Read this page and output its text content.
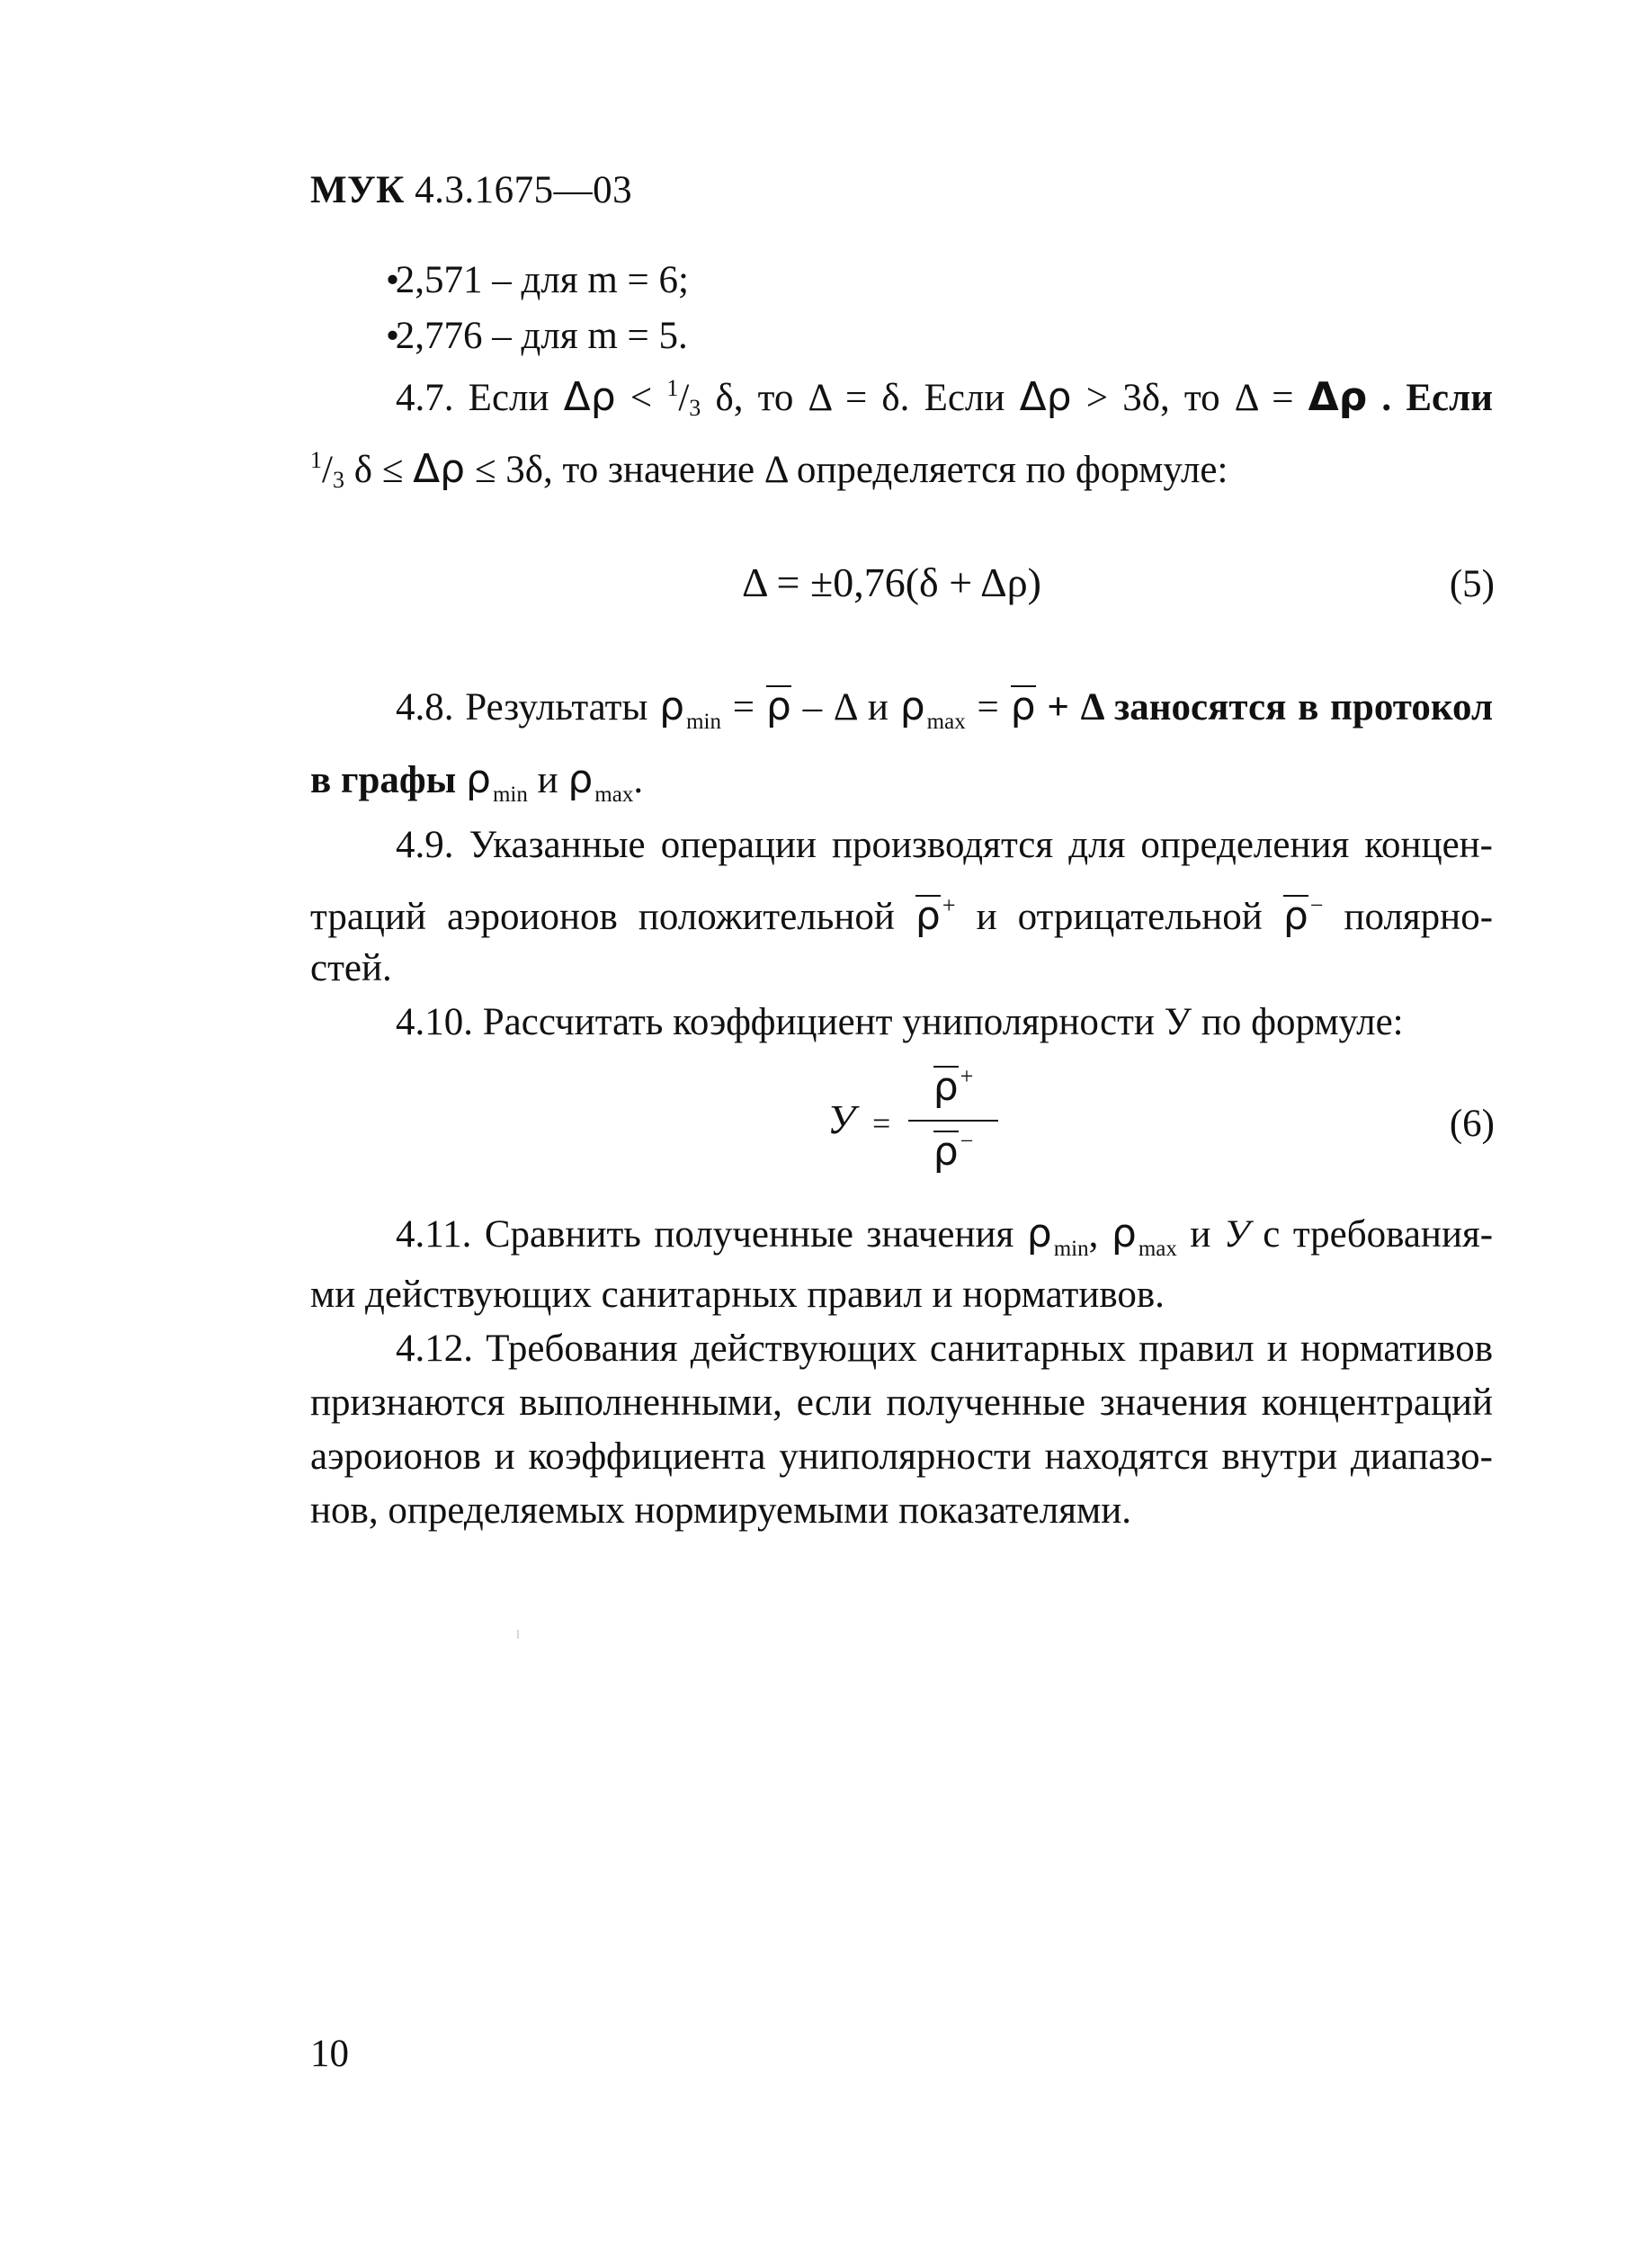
МУК 4.3.1675—03
• 2,571 – для m = 6;
• 2,776 – для m = 5.
4.7. Если Δρ < $^1$/3 δ, то Δ = δ. Если Δρ > 3δ, то Δ = Δρ . Если
$^1$/3 δ ≤ Δρ ≤ 3δ, то значение Δ определяется по формуле:
Δ = ±0,76(δ + Δρ)	(5)
4.8. Результаты $\rho_{min} = \rho - \Delta$ и $\rho_{max} = \rho + \Delta$ заносятся в протокол
в графы $\rho_{min}$ и $\rho_{max}$.
4.9. Указанные операции производятся для определения концен-
траций аэроионов положительной ρ+ и отрицательной ρ− полярно-
стей.
4.10. Рассчитать коэффициент униполярности У по формуле:
У =
ρ+
ρ−	(6)
4.11. Сравнить полученные значения $\rho_{min}$, $\rho_{max}$ и У с требования-
ми действующих санитарных правил и нормативов.
4.12. Требования действующих санитарных правил и нормативов
признаются выполненными, если полученные значения концентраций
аэроионов и коэффициента униполярности находятся внутри диапазо-
нов, определяемых нормируемыми показателями.
10
